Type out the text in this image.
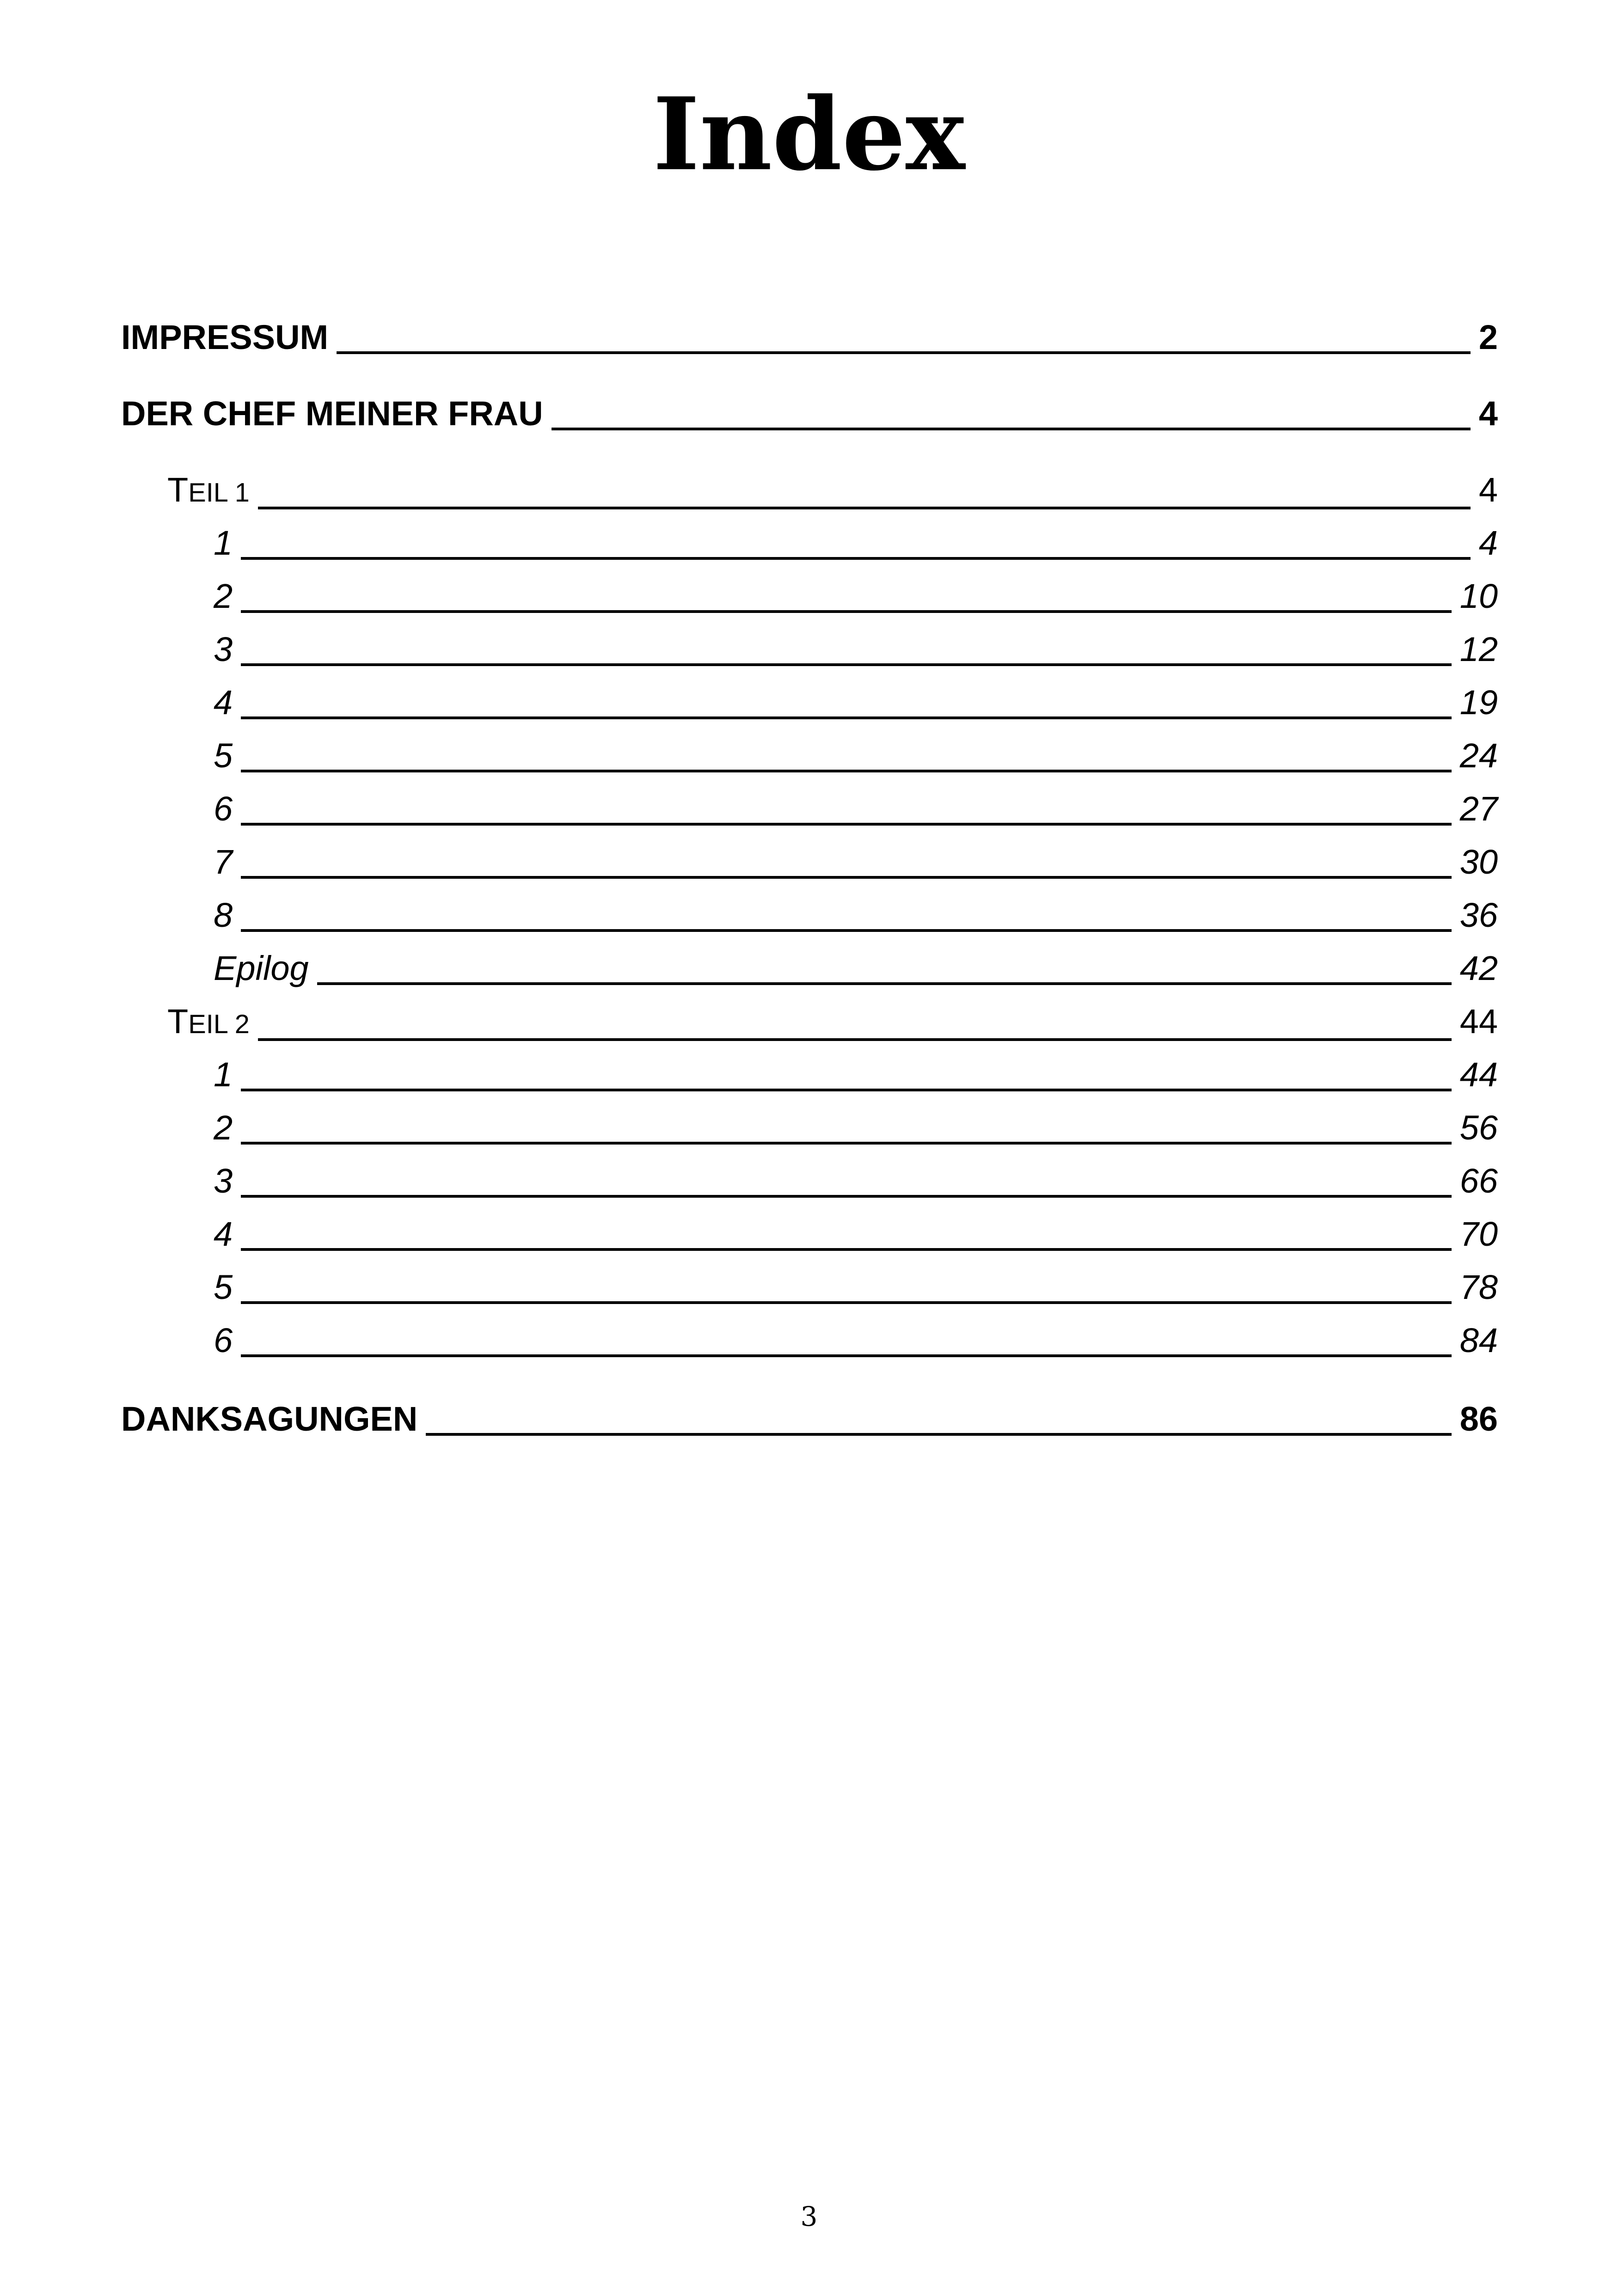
Index
IMPRESSUM	2
DER CHEF MEINER FRAU	4
TEIL 1	4
1	4
2	10
3	12
4	19
5	24
6	27
7	30
8	36
Epilog	42
TEIL 2	44
1	44
2	56
3	66
4	70
5	78
6	84
DANKSAGUNGEN	86
3
